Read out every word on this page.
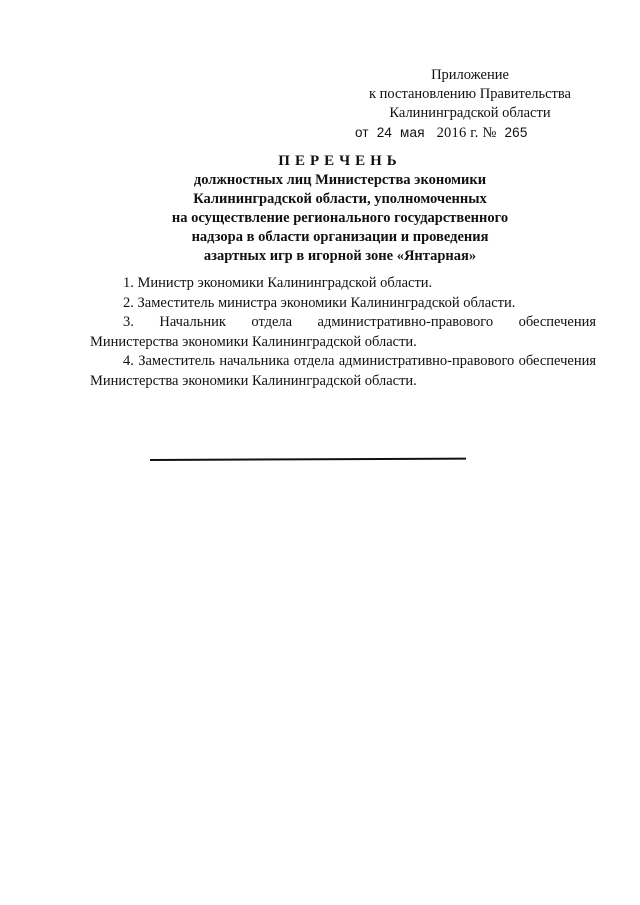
Приложение
к постановлению Правительства
Калининградской области
от 24 мая 2016 г. № 265
ПЕРЕЧЕНЬ
должностных лиц Министерства экономики
Калининградской области, уполномоченных
на осуществление регионального государственного
надзора в области организации и проведения
азартных игр в игорной зоне «Янтарная»
1. Министр экономики Калининградской области.
2. Заместитель министра экономики Калининградской области.
3. Начальник отдела административно-правового обеспечения Министерства экономики Калининградской области.
4. Заместитель начальника отдела административно-правового обеспечения Министерства экономики Калининградской области.
